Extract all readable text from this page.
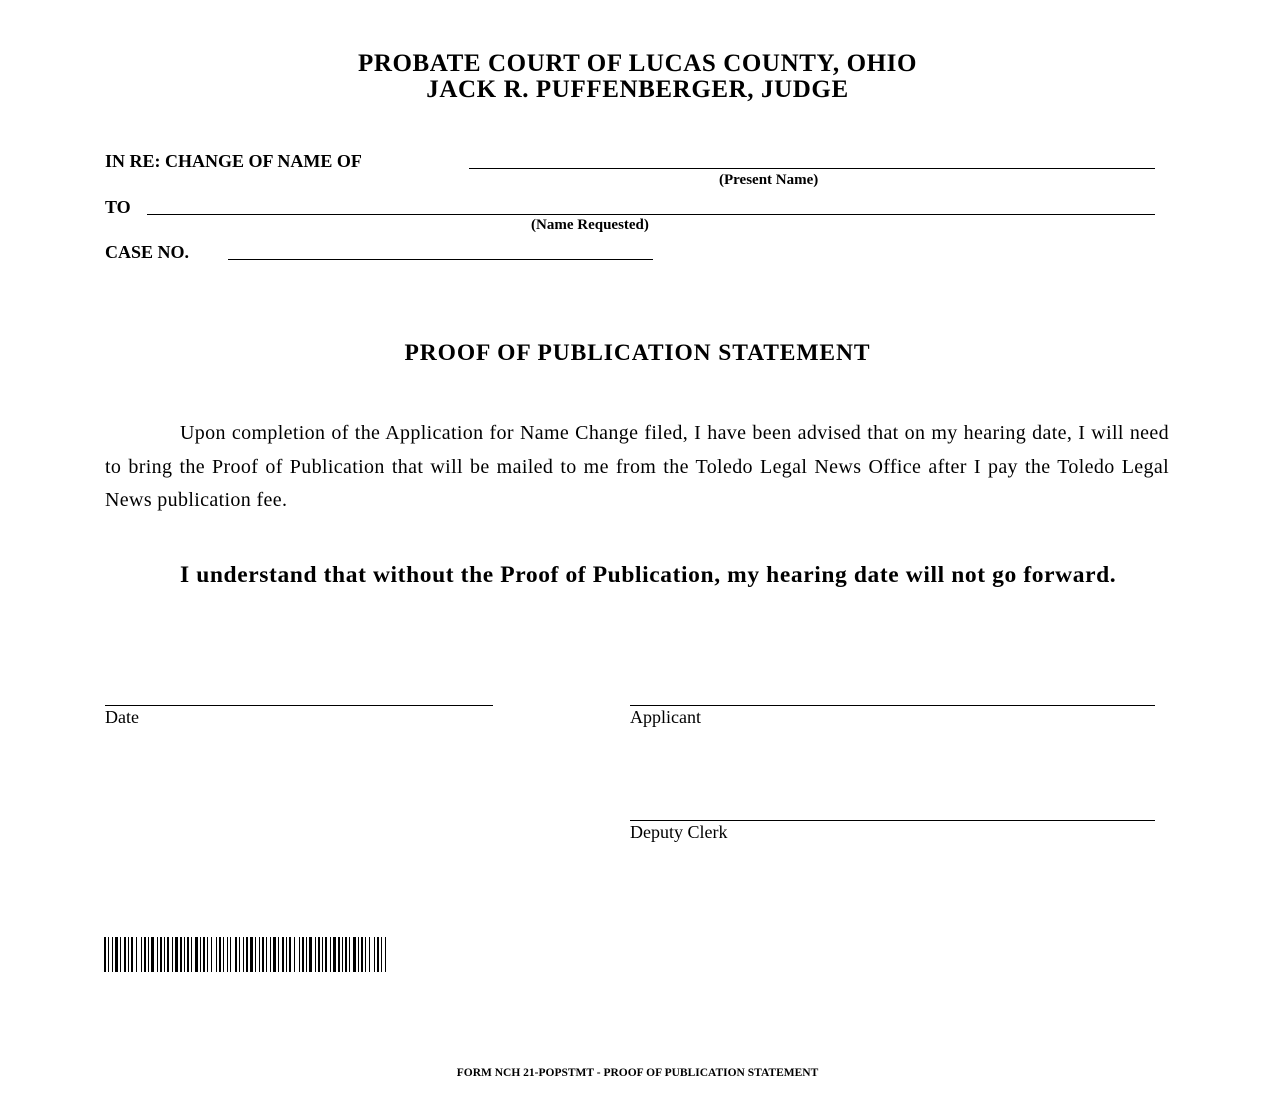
PROBATE COURT OF LUCAS COUNTY, OHIO
JACK R. PUFFENBERGER, JUDGE
IN RE: CHANGE OF NAME OF
(Present Name)
TO
(Name Requested)
CASE NO.
PROOF OF PUBLICATION STATEMENT
Upon completion of the Application for Name Change filed, I have been advised that on my hearing date, I will need to bring the Proof of Publication that will be mailed to me from the Toledo Legal News Office after I pay the Toledo Legal News publication fee.
I understand that without the Proof of Publication, my hearing date will not go forward.
Date	Applicant
Deputy Clerk
FORM NCH 21-POPSTMT - PROOF OF PUBLICATION STATEMENT
